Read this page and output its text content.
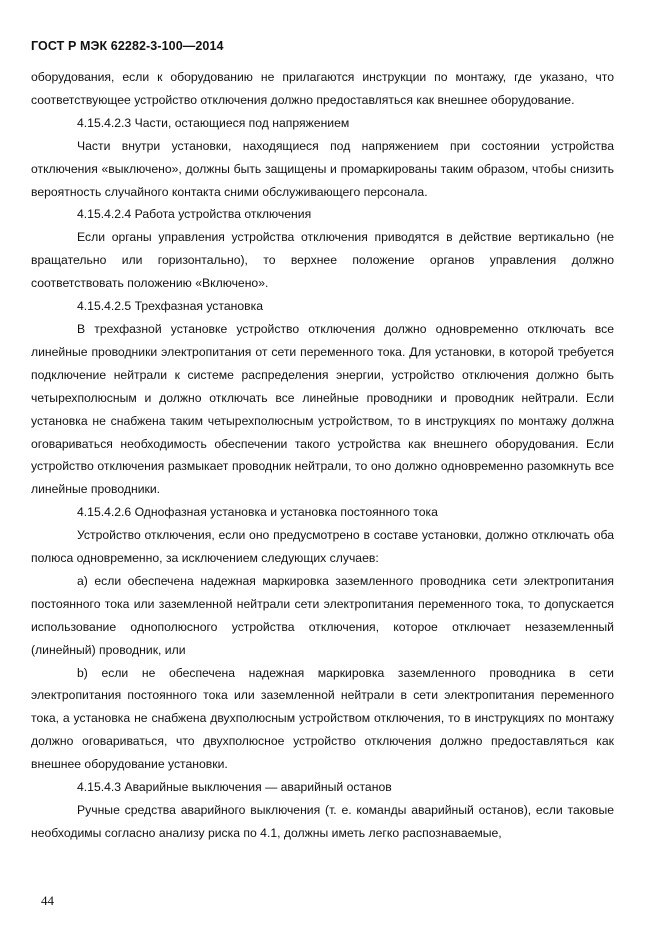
ГОСТ Р МЭК 62282-3-100—2014

оборудования, если к оборудованию не прилагаются инструкции по монтажу, где указано, что соответствующее устройство отключения должно предоставляться как внешнее оборудование.

4.15.4.2.3 Части, остающиеся под напряжением

Части внутри установки, находящиеся под напряжением при состоянии устройства отключения «выключено», должны быть защищены и промаркированы таким образом, чтобы снизить вероятность случайного контакта сними обслуживающего персонала.

4.15.4.2.4 Работа устройства отключения

Если органы управления устройства отключения приводятся в действие вертикально (не вращательно или горизонтально), то верхнее положение органов управления должно соответствовать положению «Включено».

4.15.4.2.5 Трехфазная установка

В трехфазной установке устройство отключения должно одновременно отключать все линейные проводники электропитания от сети переменного тока. Для установки, в которой требуется подключение нейтрали к системе распределения энергии, устройство отключения должно быть четырехполюсным и должно отключать все линейные проводники и проводник нейтрали. Если установка не снабжена таким четырехполюсным устройством, то в инструкциях по монтажу должна оговариваться необходимость обеспечении такого устройства как внешнего оборудования. Если устройство отключения размыкает проводник нейтрали, то оно должно одновременно разомкнуть все линейные проводники.

4.15.4.2.6 Однофазная установка и установка постоянного тока

Устройство отключения, если оно предусмотрено в составе установки, должно отключать оба полюса одновременно, за исключением следующих случаев:

a) если обеспечена надежная маркировка заземленного проводника сети электропитания постоянного тока или заземленной нейтрали сети электропитания переменного тока, то допускается использование однополюсного устройства отключения, которое отключает незаземленный (линейный) проводник, или

b) если не обеспечена надежная маркировка заземленного проводника в сети электропитания постоянного тока или заземленной нейтрали в сети электропитания переменного тока, а установка не снабжена двухполюсным устройством отключения, то в инструкциях по монтажу должно оговариваться, что двухполюсное устройство отключения должно предоставляться как внешнее оборудование установки.

4.15.4.3 Аварийные выключения — аварийный останов

Ручные средства аварийного выключения (т. е. команды аварийный останов), если таковые необходимы согласно анализу риска по 4.1, должны иметь легко распознаваемые,

44
